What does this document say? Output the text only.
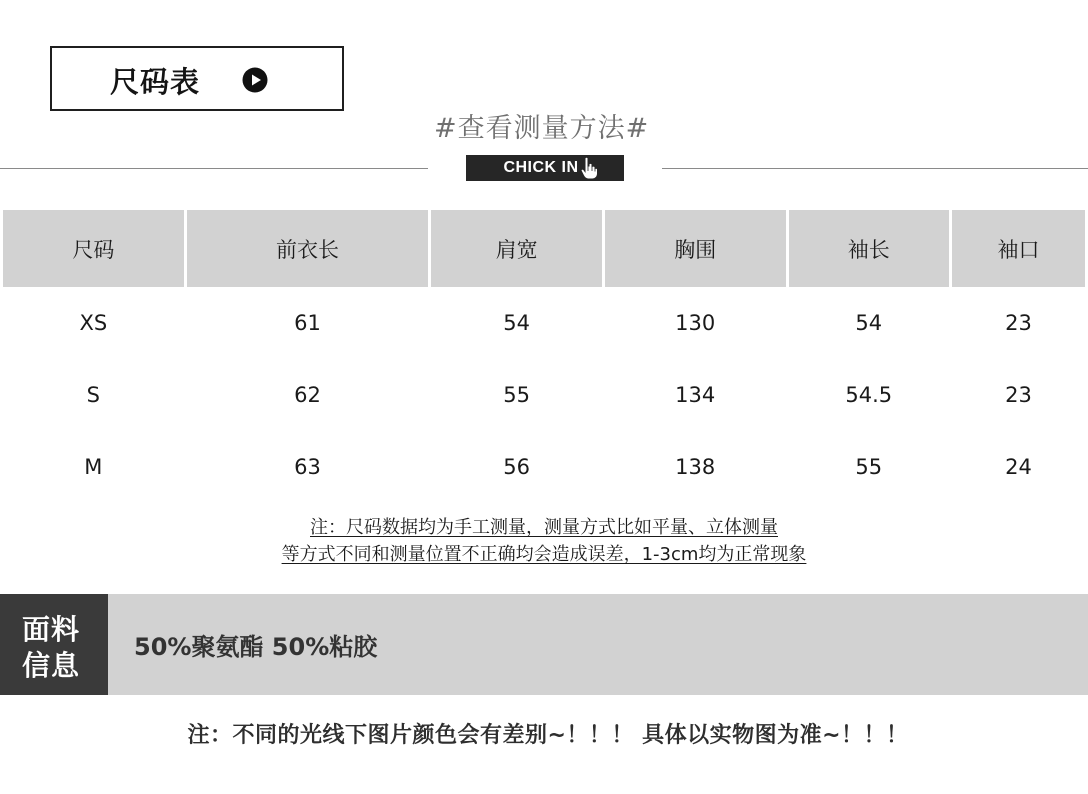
尺码表
#查看测量方法#
CHICK IN
尺码	前衣长	肩宽	胸围	袖长	袖口
XS	61	54	130	54	23
S	62	55	134	54.5	23
M	63	56	138	55	24
注：尺码数据均为手工测量，测量方式比如平量、立体测量
等方式不同和测量位置不正确均会造成误差，1-3cm均为正常现象
面料
信息
50%聚氨酯 50%粘胶
注：不同的光线下图片颜色会有差别~！！！ 具体以实物图为准~！！！
